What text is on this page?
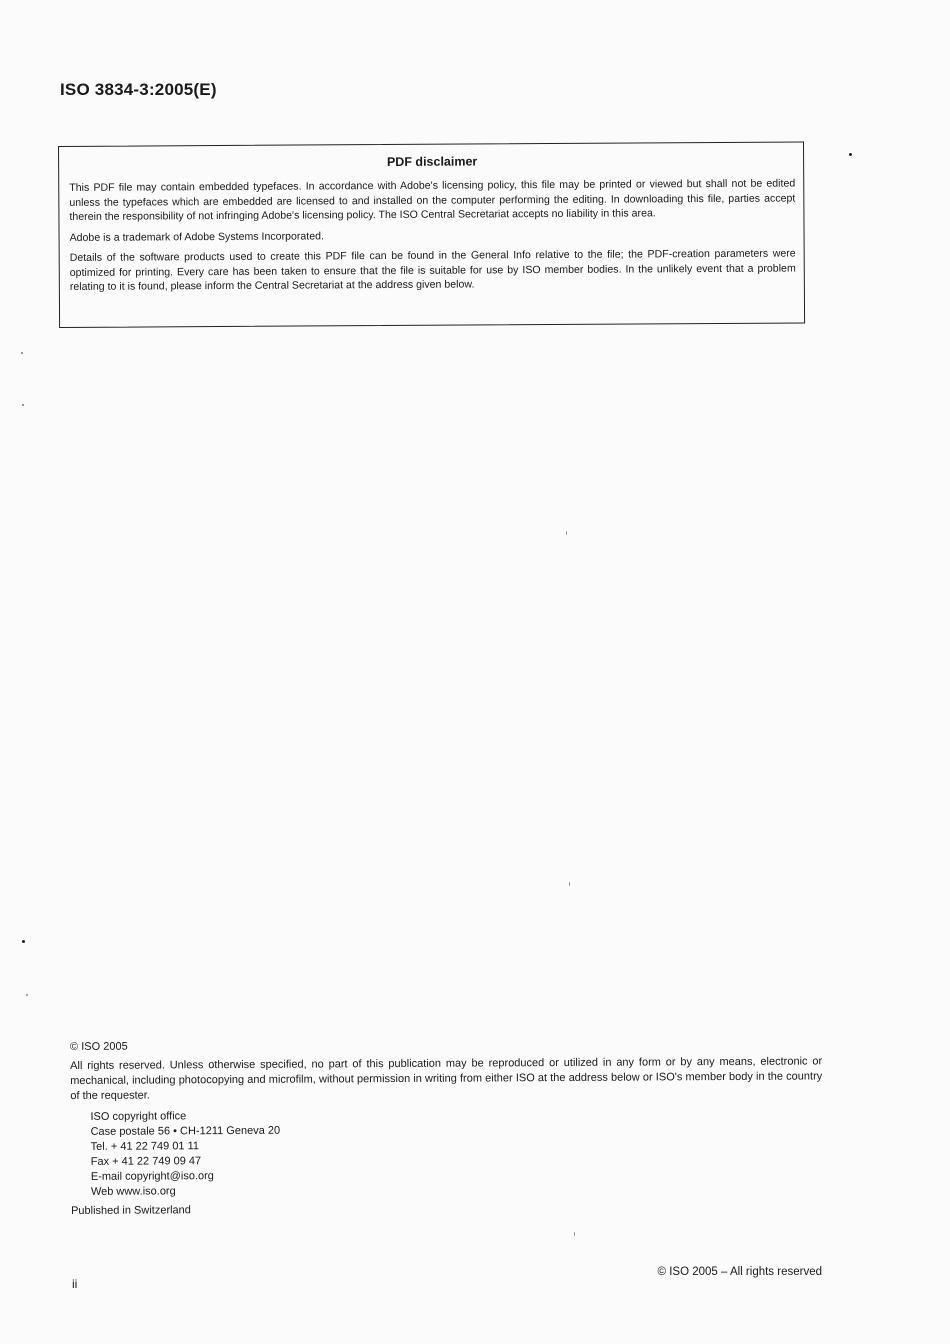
ISO 3834-3:2005(E)
PDF disclaimer

This PDF file may contain embedded typefaces. In accordance with Adobe's licensing policy, this file may be printed or viewed but shall not be edited unless the typefaces which are embedded are licensed to and installed on the computer performing the editing. In downloading this file, parties accept therein the responsibility of not infringing Adobe's licensing policy. The ISO Central Secretariat accepts no liability in this area.

Adobe is a trademark of Adobe Systems Incorporated.

Details of the software products used to create this PDF file can be found in the General Info relative to the file; the PDF-creation parameters were optimized for printing. Every care has been taken to ensure that the file is suitable for use by ISO member bodies. In the unlikely event that a problem relating to it is found, please inform the Central Secretariat at the address given below.

© ISO 2005

All rights reserved. Unless otherwise specified, no part of this publication may be reproduced or utilized in any form or by any means, electronic or mechanical, including photocopying and microfilm, without permission in writing from either ISO at the address below or ISO's member body in the country of the requester.

ISO copyright office
Case postale 56 • CH-1211 Geneva 20
Tel. + 41 22 749 01 11
Fax + 41 22 749 09 47
E-mail copyright@iso.org
Web www.iso.org
Published in Switzerland
ii
© ISO 2005 – All rights reserved
